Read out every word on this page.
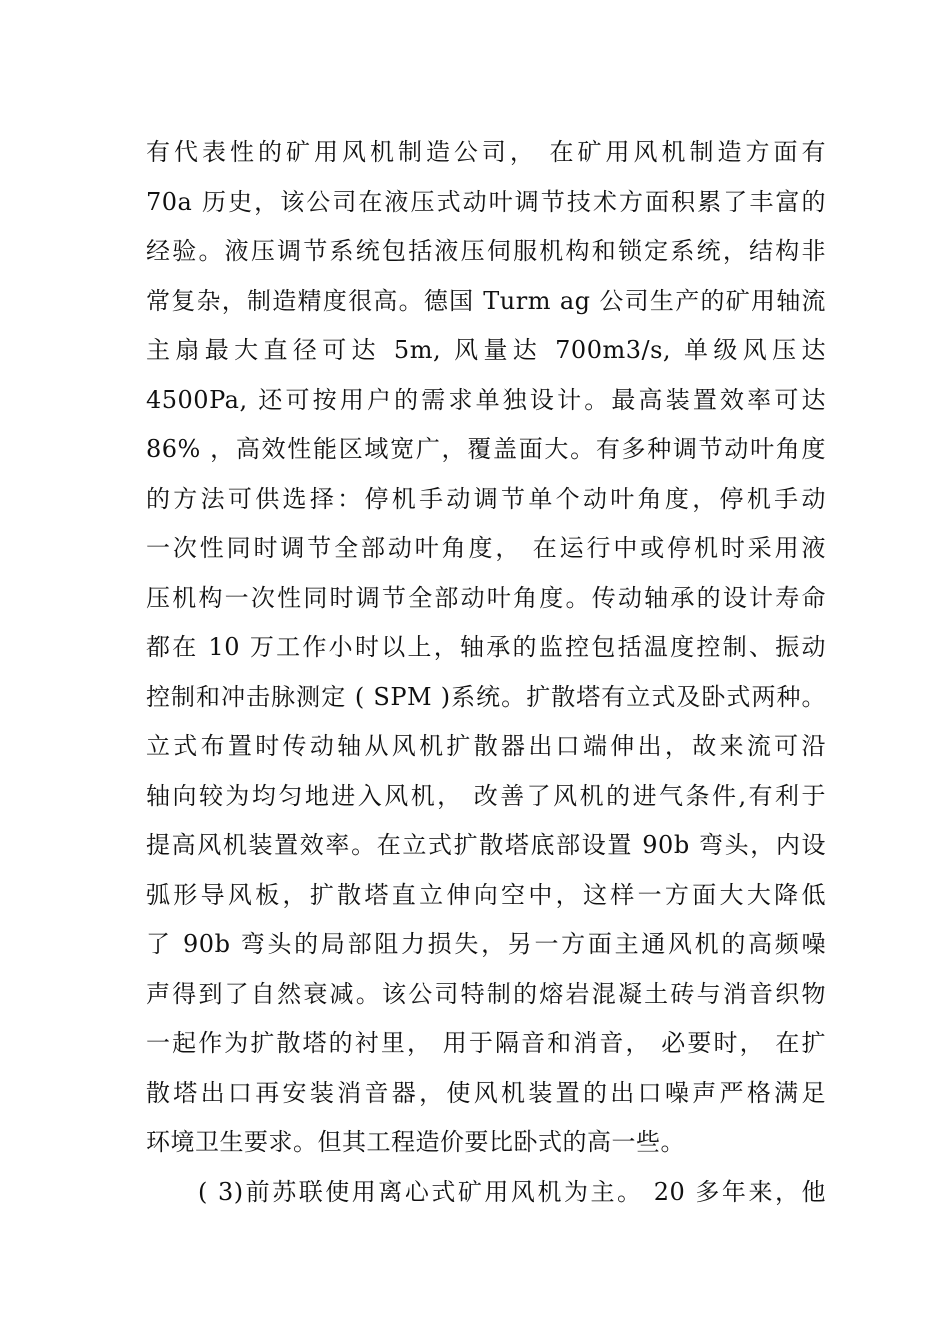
有代表性的矿用风机制造公司， 在矿用风机制造方面有
70a 历史，该公司在液压式动叶调节技术方面积累了丰富的
经验。液压调节系统包括液压伺服机构和锁定系统，结构非
常复杂，制造精度很高。德国 Turm ag 公司生产的矿用轴流
主扇最大直径可达 5m, 风量达 700m3/s, 单级风压达
4500Pa, 还可按用户的需求单独设计。最高装置效率可达
86% ，高效性能区域宽广，覆盖面大。有多种调节动叶角度
的方法可供选择：停机手动调节单个动叶角度，停机手动
一次性同时调节全部动叶角度， 在运行中或停机时采用液
压机构一次性同时调节全部动叶角度。传动轴承的设计寿命
都在 10 万工作小时以上，轴承的监控包括温度控制、振动
控制和冲击脉测定 ( SPM )系统。扩散塔有立式及卧式两种。
立式布置时传动轴从风机扩散器出口端伸出，故来流可沿
轴向较为均匀地进入风机， 改善了风机的进气条件,有利于
提高风机装置效率。在立式扩散塔底部设置 90b 弯头，内设
弧形导风板，扩散塔直立伸向空中，这样一方面大大降低
了 90b 弯头的局部阻力损失，另一方面主通风机的高频噪
声得到了自然衰减。该公司特制的熔岩混凝土砖与消音织物
一起作为扩散塔的衬里， 用于隔音和消音， 必要时， 在扩
散塔出口再安装消音器，使风机装置的出口噪声严格满足
环境卫生要求。但其工程造价要比卧式的高一些。
( 3)前苏联使用离心式矿用风机为主。 20 多年来，他
